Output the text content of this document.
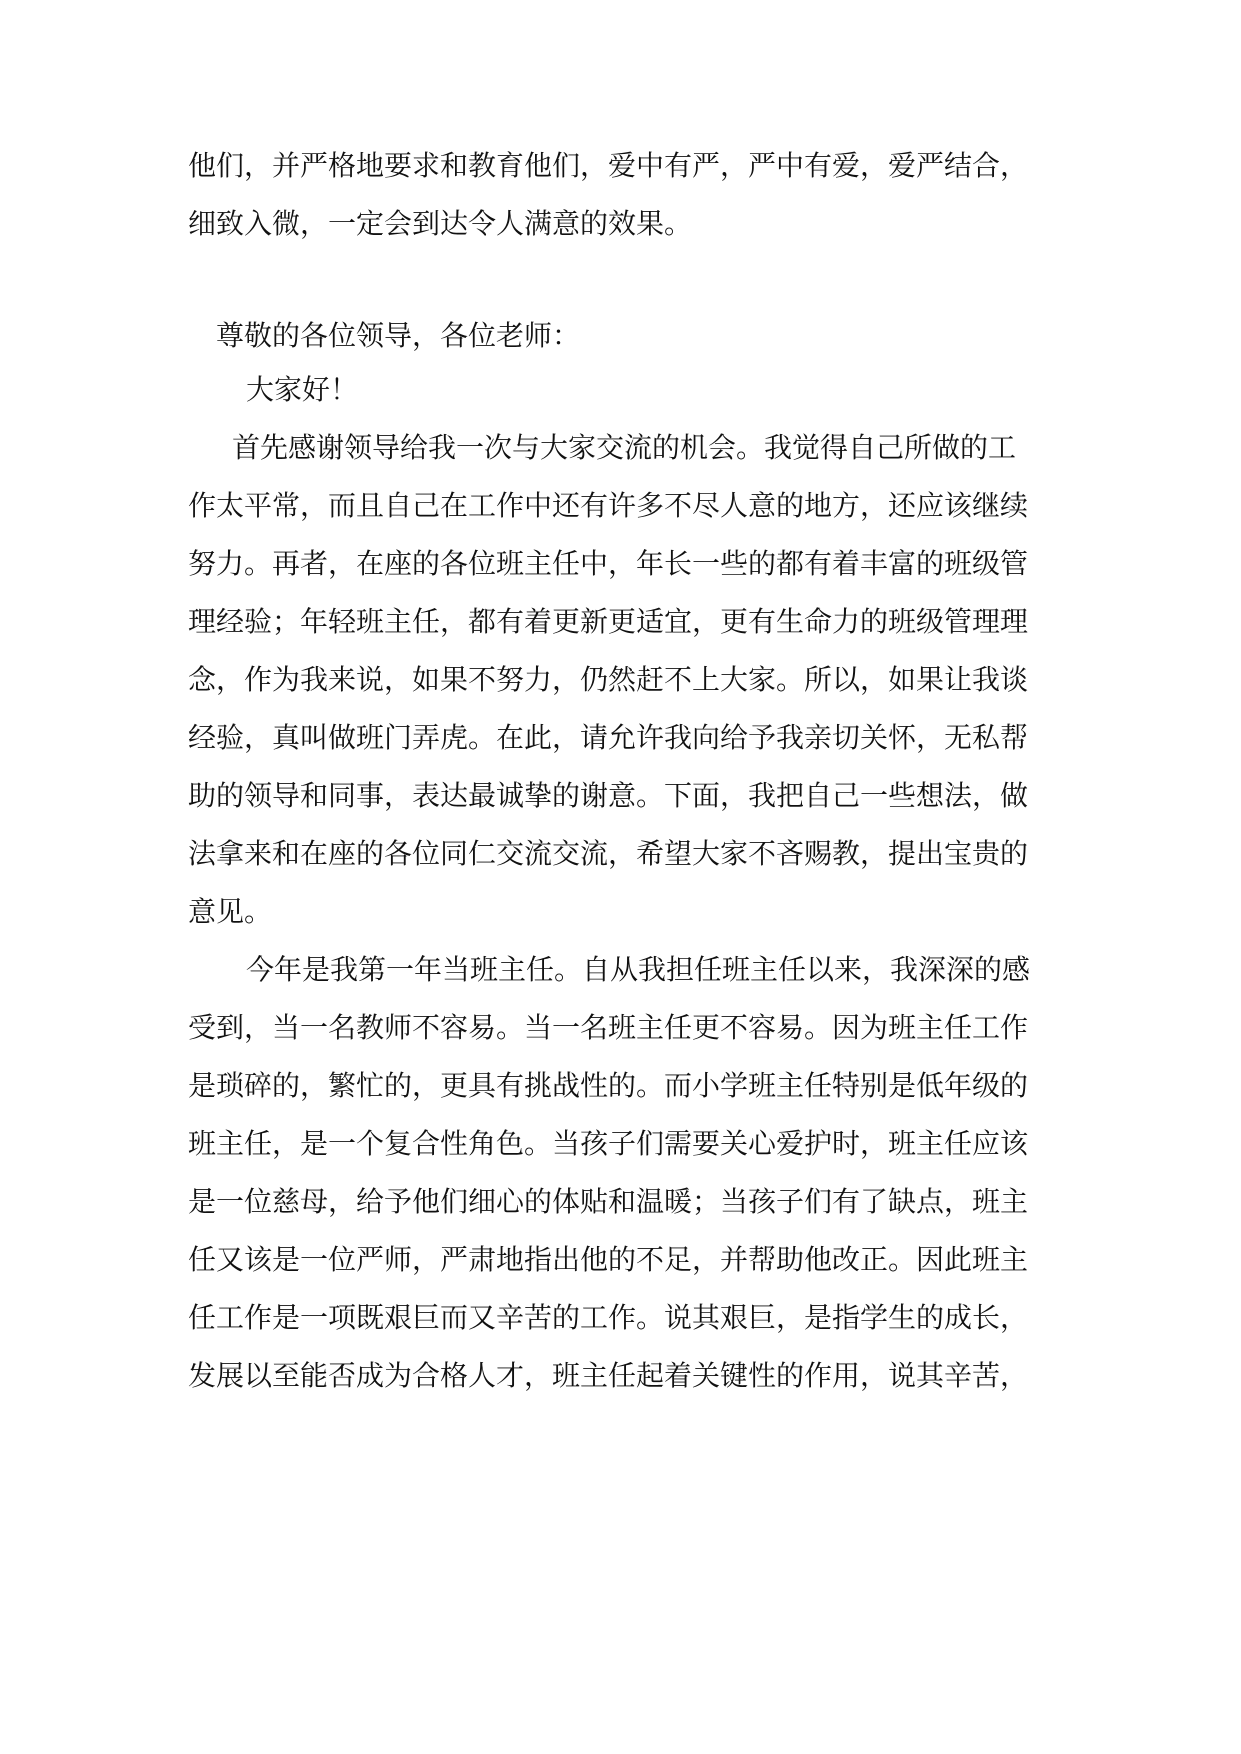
他们，并严格地要求和教育他们，爱中有严，严中有爱，爱严结合，
细致入微，一定会到达令人满意的效果。
尊敬的各位领导，各位老师：
大家好！
首先感谢领导给我一次与大家交流的机会。我觉得自己所做的工
作太平常，而且自己在工作中还有许多不尽人意的地方，还应该继续
努力。再者，在座的各位班主任中，年长一些的都有着丰富的班级管
理经验；年轻班主任，都有着更新更适宜，更有生命力的班级管理理
念，作为我来说，如果不努力，仍然赶不上大家。所以，如果让我谈
经验，真叫做班门弄虎。在此，请允许我向给予我亲切关怀，无私帮
助的领导和同事，表达最诚挚的谢意。下面，我把自己一些想法，做
法拿来和在座的各位同仁交流交流，希望大家不吝赐教，提出宝贵的
意见。
今年是我第一年当班主任。自从我担任班主任以来，我深深的感
受到，当一名教师不容易。当一名班主任更不容易。因为班主任工作
是琐碎的，繁忙的，更具有挑战性的。而小学班主任特别是低年级的
班主任，是一个复合性角色。当孩子们需要关心爱护时，班主任应该
是一位慈母，给予他们细心的体贴和温暖；当孩子们有了缺点，班主
任又该是一位严师，严肃地指出他的不足，并帮助他改正。因此班主
任工作是一项既艰巨而又辛苦的工作。说其艰巨，是指学生的成长，
发展以至能否成为合格人才，班主任起着关键性的作用，说其辛苦，
